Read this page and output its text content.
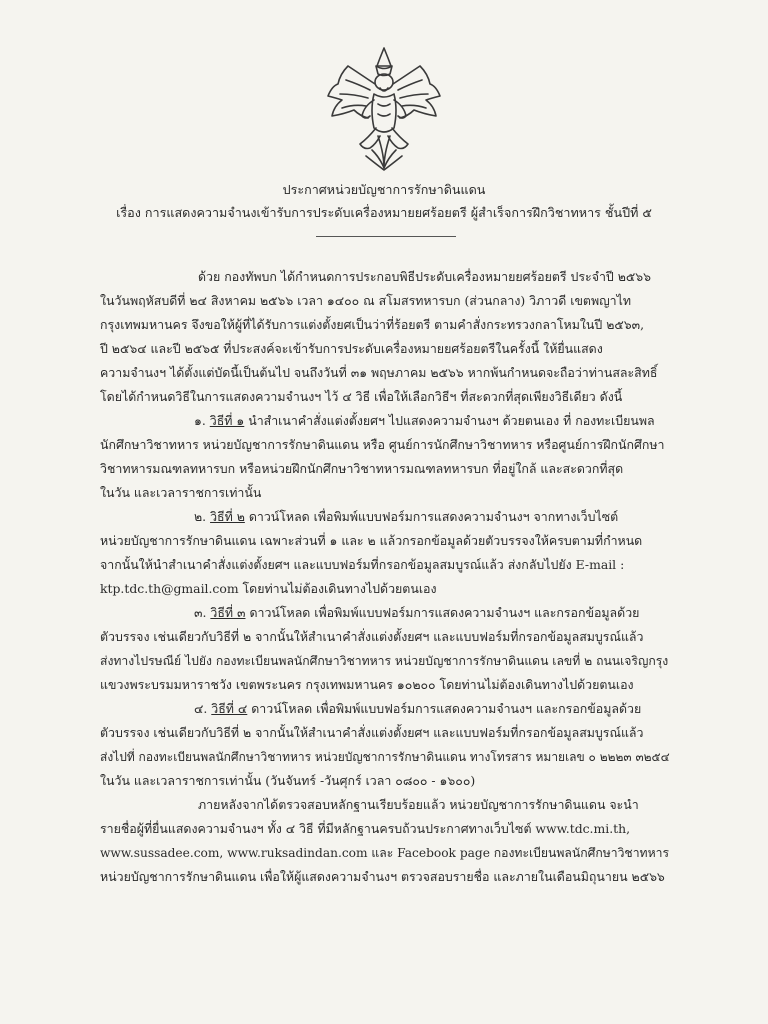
ประกาศหน่วยบัญชาการรักษาดินแดน
เรื่อง การแสดงความจำนงเข้ารับการประดับเครื่องหมายยศร้อยตรี ผู้สำเร็จการฝึกวิชาทหาร ชั้นปีที่ ๕
ด้วย กองทัพบก ได้กำหนดการประกอบพิธีประดับเครื่องหมายยศร้อยตรี ประจำปี ๒๕๖๖
ในวันพฤหัสบดีที่ ๒๔ สิงหาคม ๒๕๖๖ เวลา ๑๔๐๐ ณ สโมสรทหารบก (ส่วนกลาง) วิภาวดี เขตพญาไท
กรุงเทพมหานคร จึงขอให้ผู้ที่ได้รับการแต่งตั้งยศเป็นว่าที่ร้อยตรี ตามคำสั่งกระทรวงกลาโหมในปี ๒๕๖๓,
ปี ๒๕๖๔ และปี ๒๕๖๕ ที่ประสงค์จะเข้ารับการประดับเครื่องหมายยศร้อยตรีในครั้งนี้ ให้ยื่นแสดง
ความจำนงฯ ได้ตั้งแต่บัดนี้เป็นต้นไป จนถึงวันที่ ๓๑ พฤษภาคม ๒๕๖๖ หากพ้นกำหนดจะถือว่าท่านสละสิทธิ์
โดยได้กำหนดวิธีในการแสดงความจำนงฯ ไว้ ๔ วิธี เพื่อให้เลือกวิธีฯ ที่สะดวกที่สุดเพียงวิธีเดียว ดังนี้
๑. วิธีที่ ๑ นำสำเนาคำสั่งแต่งตั้งยศฯ ไปแสดงความจำนงฯ ด้วยตนเอง ที่ กองทะเบียนพล
นักศึกษาวิชาทหาร หน่วยบัญชาการรักษาดินแดน หรือ ศูนย์การนักศึกษาวิชาทหาร หรือศูนย์การฝึกนักศึกษา
วิชาทหารมณฑลทหารบก หรือหน่วยฝึกนักศึกษาวิชาทหารมณฑลทหารบก ที่อยู่ใกล้ และสะดวกที่สุด
ในวัน และเวลาราชการเท่านั้น
๒. วิธีที่ ๒ ดาวน์โหลด เพื่อพิมพ์แบบฟอร์มการแสดงความจำนงฯ จากทางเว็บไซต์
หน่วยบัญชาการรักษาดินแดน เฉพาะส่วนที่ ๑ และ ๒ แล้วกรอกข้อมูลด้วยตัวบรรจงให้ครบตามที่กำหนด
จากนั้นให้นำสำเนาคำสั่งแต่งตั้งยศฯ และแบบฟอร์มที่กรอกข้อมูลสมบูรณ์แล้ว ส่งกลับไปยัง E-mail :
ktp.tdc.th@gmail.com โดยท่านไม่ต้องเดินทางไปด้วยตนเอง
๓. วิธีที่ ๓ ดาวน์โหลด เพื่อพิมพ์แบบฟอร์มการแสดงความจำนงฯ และกรอกข้อมูลด้วย
ตัวบรรจง เช่นเดียวกับวิธีที่ ๒ จากนั้นให้สำเนาคำสั่งแต่งตั้งยศฯ และแบบฟอร์มที่กรอกข้อมูลสมบูรณ์แล้ว
ส่งทางไปรษณีย์ ไปยัง กองทะเบียนพลนักศึกษาวิชาทหาร หน่วยบัญชาการรักษาดินแดน เลขที่ ๒ ถนนเจริญกรุง
แขวงพระบรมมหาราชวัง เขตพระนคร กรุงเทพมหานคร ๑๐๒๐๐ โดยท่านไม่ต้องเดินทางไปด้วยตนเอง
๔. วิธีที่ ๔ ดาวน์โหลด เพื่อพิมพ์แบบฟอร์มการแสดงความจำนงฯ และกรอกข้อมูลด้วย
ตัวบรรจง เช่นเดียวกับวิธีที่ ๒ จากนั้นให้สำเนาคำสั่งแต่งตั้งยศฯ และแบบฟอร์มที่กรอกข้อมูลสมบูรณ์แล้ว
ส่งไปที่ กองทะเบียนพลนักศึกษาวิชาทหาร หน่วยบัญชาการรักษาดินแดน ทางโทรสาร หมายเลข ๐ ๒๒๒๓ ๓๒๕๔
ในวัน และเวลาราชการเท่านั้น (วันจันทร์ -วันศุกร์ เวลา ๐๘๐๐ - ๑๖๐๐)
ภายหลังจากได้ตรวจสอบหลักฐานเรียบร้อยแล้ว หน่วยบัญชาการรักษาดินแดน จะนำ
รายชื่อผู้ที่ยื่นแสดงความจำนงฯ ทั้ง ๔ วิธี ที่มีหลักฐานครบถ้วนประกาศทางเว็บไซต์ www.tdc.mi.th,
www.sussadee.com, www.ruksadindan.com และ Facebook page กองทะเบียนพลนักศึกษาวิชาทหาร
หน่วยบัญชาการรักษาดินแดน เพื่อให้ผู้แสดงความจำนงฯ ตรวจสอบรายชื่อ และภายในเดือนมิถุนายน ๒๕๖๖
